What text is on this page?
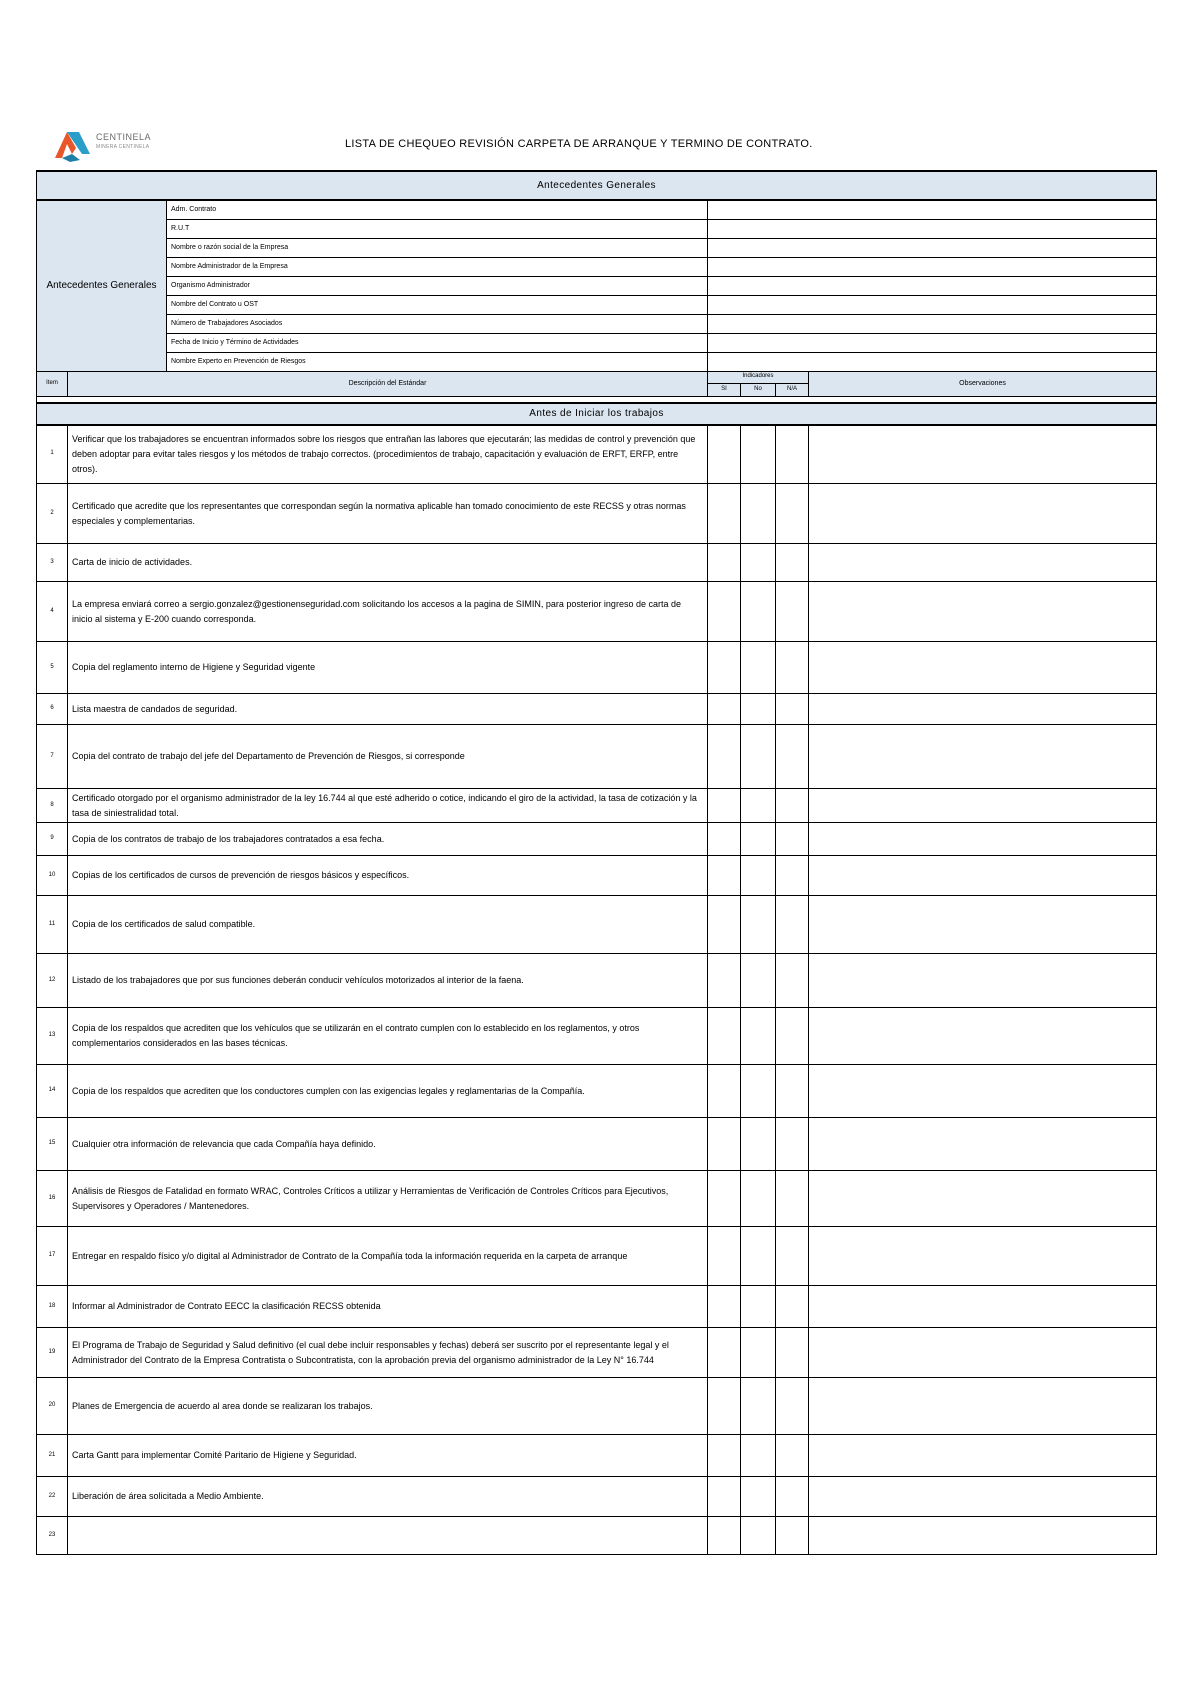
CENTINELA
MINERA CENTINELA	LISTA DE CHEQUEO REVISIÓN CARPETA DE ARRANQUE Y TERMINO DE CONTRATO.
Antecedentes Generales						
Antecedentes Generales		Adm. Contrato				
		R.U.T				
		Nombre o razón social de la Empresa				
		Nombre Administrador de la Empresa				
		Organismo Administrador				
		Nombre del Contrato u OST				
		Número de Trabajadores Asociados				
		Fecha de Inicio y Término de Actividades				
		Nombre Experto en Prevención de Riesgos				
Item	Descripción del Estándar		Indicadores			Observaciones
			SI	No	N/A	

Antes de Iniciar los trabajos						
1	Verificar que los trabajadores se encuentran informados sobre los riesgos que entrañan las labores que ejecutarán; las medidas de control y prevención que deben adoptar para evitar tales riesgos y los métodos de trabajo correctos. (procedimientos de trabajo, capacitación y evaluación de ERFT, ERFP, entre otros).					
2	Certificado que acredite que los representantes que correspondan según la normativa aplicable han tomado conocimiento de este RECSS y otras normas especiales y complementarias.					
3	Carta de inicio de actividades.					
4	La empresa enviará correo a sergio.gonzalez@gestionenseguridad.com solicitando los accesos a la pagina de SIMIN, para posterior ingreso de carta de inicio al sistema y E-200 cuando corresponda.					
5	Copia del reglamento interno de Higiene y Seguridad vigente					
6	Lista maestra de candados de seguridad.					
7	Copia del contrato de trabajo del jefe del Departamento de Prevención de Riesgos, si corresponde					
8	Certificado otorgado por el organismo administrador de la ley 16.744 al que esté adherido o cotice, indicando el giro de la actividad, la tasa de cotización y la tasa de siniestralidad total.					
9	Copia de los contratos de trabajo de los trabajadores contratados a esa fecha.					
10	Copias de los certificados de cursos de prevención de riesgos básicos y específicos.					
11	Copia de los certificados de salud compatible.					
12	Listado de los trabajadores que por sus funciones deberán conducir vehículos motorizados al interior de la faena.					
13	Copia de los respaldos que acrediten que los vehículos que se utilizarán en el contrato cumplen con lo establecido en los reglamentos, y otros complementarios considerados en las bases técnicas.					
14	Copia de los respaldos que acrediten que los conductores cumplen con las exigencias legales y reglamentarias de la Compañía.					
15	Cualquier otra información de relevancia que cada Compañía haya definido.					
16	Análisis de Riesgos de Fatalidad en formato WRAC, Controles Críticos a utilizar y Herramientas de Verificación de Controles Críticos para Ejecutivos, Supervisores y Operadores / Mantenedores.					
17	Entregar en respaldo físico y/o digital al Administrador de Contrato de la Compañía toda la información requerida en la carpeta de arranque					
18	Informar al Administrador de Contrato EECC la clasificación RECSS obtenida					
19	El Programa de Trabajo de Seguridad y Salud definitivo (el cual debe incluir responsables y fechas) deberá ser suscrito por el representante legal y el Administrador del Contrato de la Empresa Contratista o Subcontratista, con la aprobación previa del organismo administrador de la Ley N° 16.744					
20	Planes de Emergencia de acuerdo al area donde se realizaran los trabajos.					
21	Carta Gantt para implementar Comité Paritario de Higiene y Seguridad.					
22	Liberación de área solicitada a Medio Ambiente.					
23						
